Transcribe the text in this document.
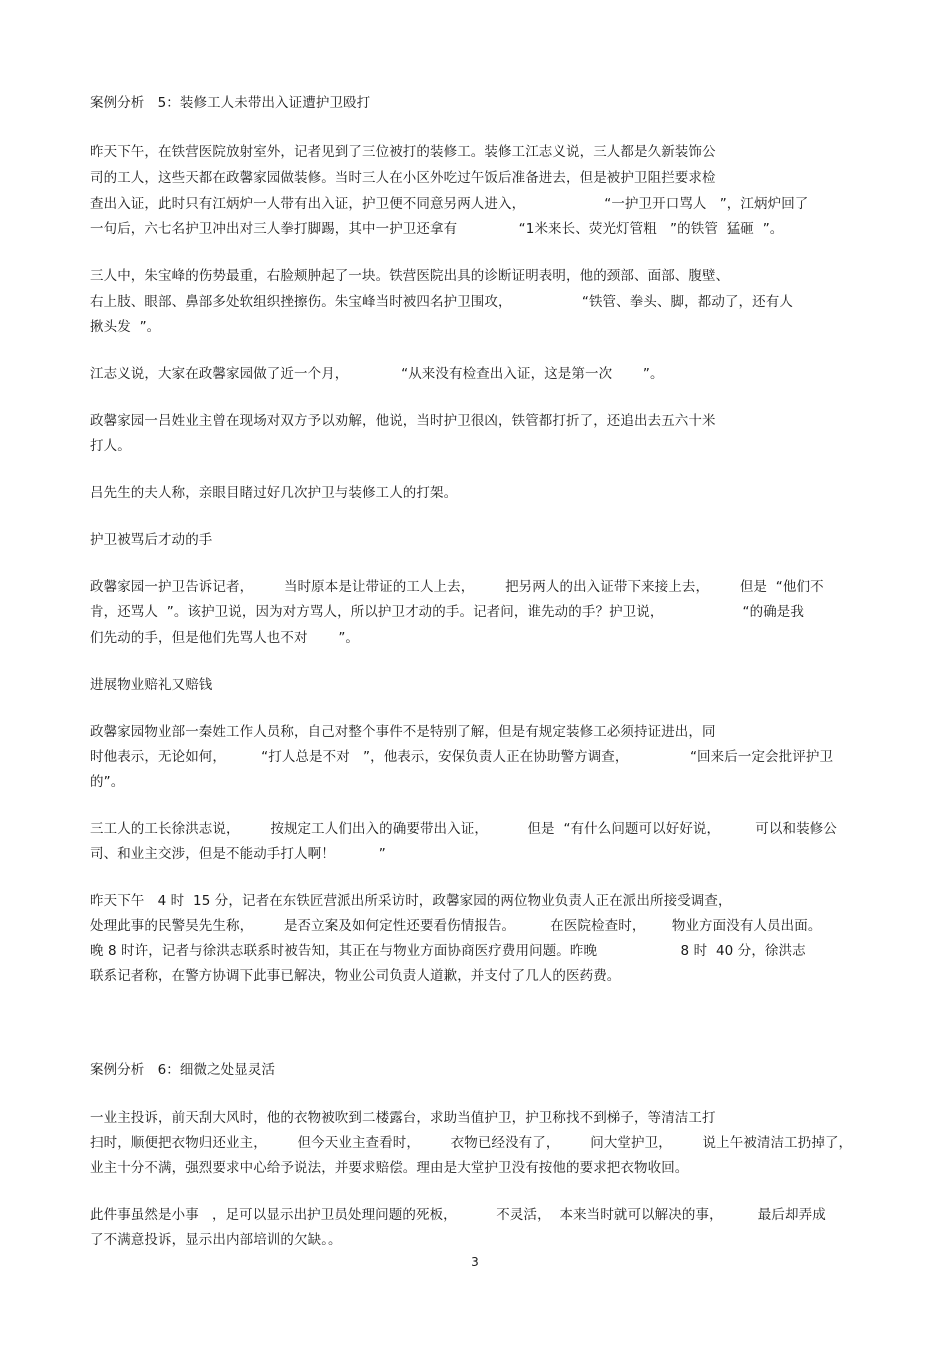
案例分析   5：装修工人未带出入证遭护卫殴打
昨天下午，在铁营医院放射室外，记者见到了三位被打的装修工。装修工江志义说，三人都是久新装饰公
司的工人，这些天都在政馨家园做装修。当时三人在小区外吃过午饭后准备进去，但是被护卫阻拦要求检
查出入证，此时只有江炳炉一人带有出入证，护卫便不同意另两人进入，                  “一护卫开口骂人   ”，江炳炉回了
一句后，六七名护卫冲出对三人拳打脚踢，其中一护卫还拿有              “1米来长、荧光灯管粗   ”的铁管  猛砸  ”。
三人中，朱宝峰的伤势最重，右脸颊肿起了一块。铁营医院出具的诊断证明表明，他的颈部、面部、腹壁、
右上肢、眼部、鼻部多处软组织挫擦伤。朱宝峰当时被四名护卫围攻，                “铁管、拳头、脚，都动了，还有人
揪头发  ”。
江志义说，大家在政馨家园做了近一个月，            “从来没有检查出入证，这是第一次       ”。
政馨家园一吕姓业主曾在现场对双方予以劝解，他说，当时护卫很凶，铁管都打折了，还追出去五六十米
打人。
吕先生的夫人称，亲眼目睹过好几次护卫与装修工人的打架。
护卫被骂后才动的手
政馨家园一护卫告诉记者，       当时原本是让带证的工人上去，       把另两人的出入证带下来接上去，       但是  “他们不
肯，还骂人  ”。该护卫说，因为对方骂人，所以护卫才动的手。记者问，谁先动的手？护卫说，                  “的确是我
们先动的手，但是他们先骂人也不对       ”。
进展物业赔礼又赔钱
政馨家园物业部一秦姓工作人员称，自己对整个事件不是特别了解，但是有规定装修工必须持证进出，同
时他表示，无论如何，        “打人总是不对   ”，他表示，安保负责人正在协助警方调查，              “回来后一定会批评护卫
的”。
三工人的工长徐洪志说，       按规定工人们出入的确要带出入证，         但是  “有什么问题可以好好说，        可以和装修公
司、和业主交涉，但是不能动手打人啊！          ”
昨天下午   4 时  15 分，记者在东铁匠营派出所采访时，政馨家园的两位物业负责人正在派出所接受调查，
处理此事的民警吴先生称，       是否立案及如何定性还要看伤情报告。        在医院检查时，      物业方面没有人员出面。
晚 8 时许，记者与徐洪志联系时被告知，其正在与物业方面协商医疗费用问题。昨晚                   8 时  40 分，徐洪志
联系记者称，在警方协调下此事已解决，物业公司负责人道歉，并支付了几人的医药费。
案例分析   6：细微之处显灵活
一业主投诉，前天刮大风时，他的衣物被吹到二楼露台，求助当值护卫，护卫称找不到梯子，等清洁工打
扫时，顺便把衣物归还业主，       但今天业主查看时，       衣物已经没有了，       问大堂护卫，       说上午被清洁工扔掉了，
业主十分不满，强烈要求中心给予说法，并要求赔偿。理由是大堂护卫没有按他的要求把衣物收回。
此件事虽然是小事   ，足可以显示出护卫员处理问题的死板，         不灵活，  本来当时就可以解决的事，        最后却弄成
了不满意投诉，显示出内部培训的欠缺。。
3
